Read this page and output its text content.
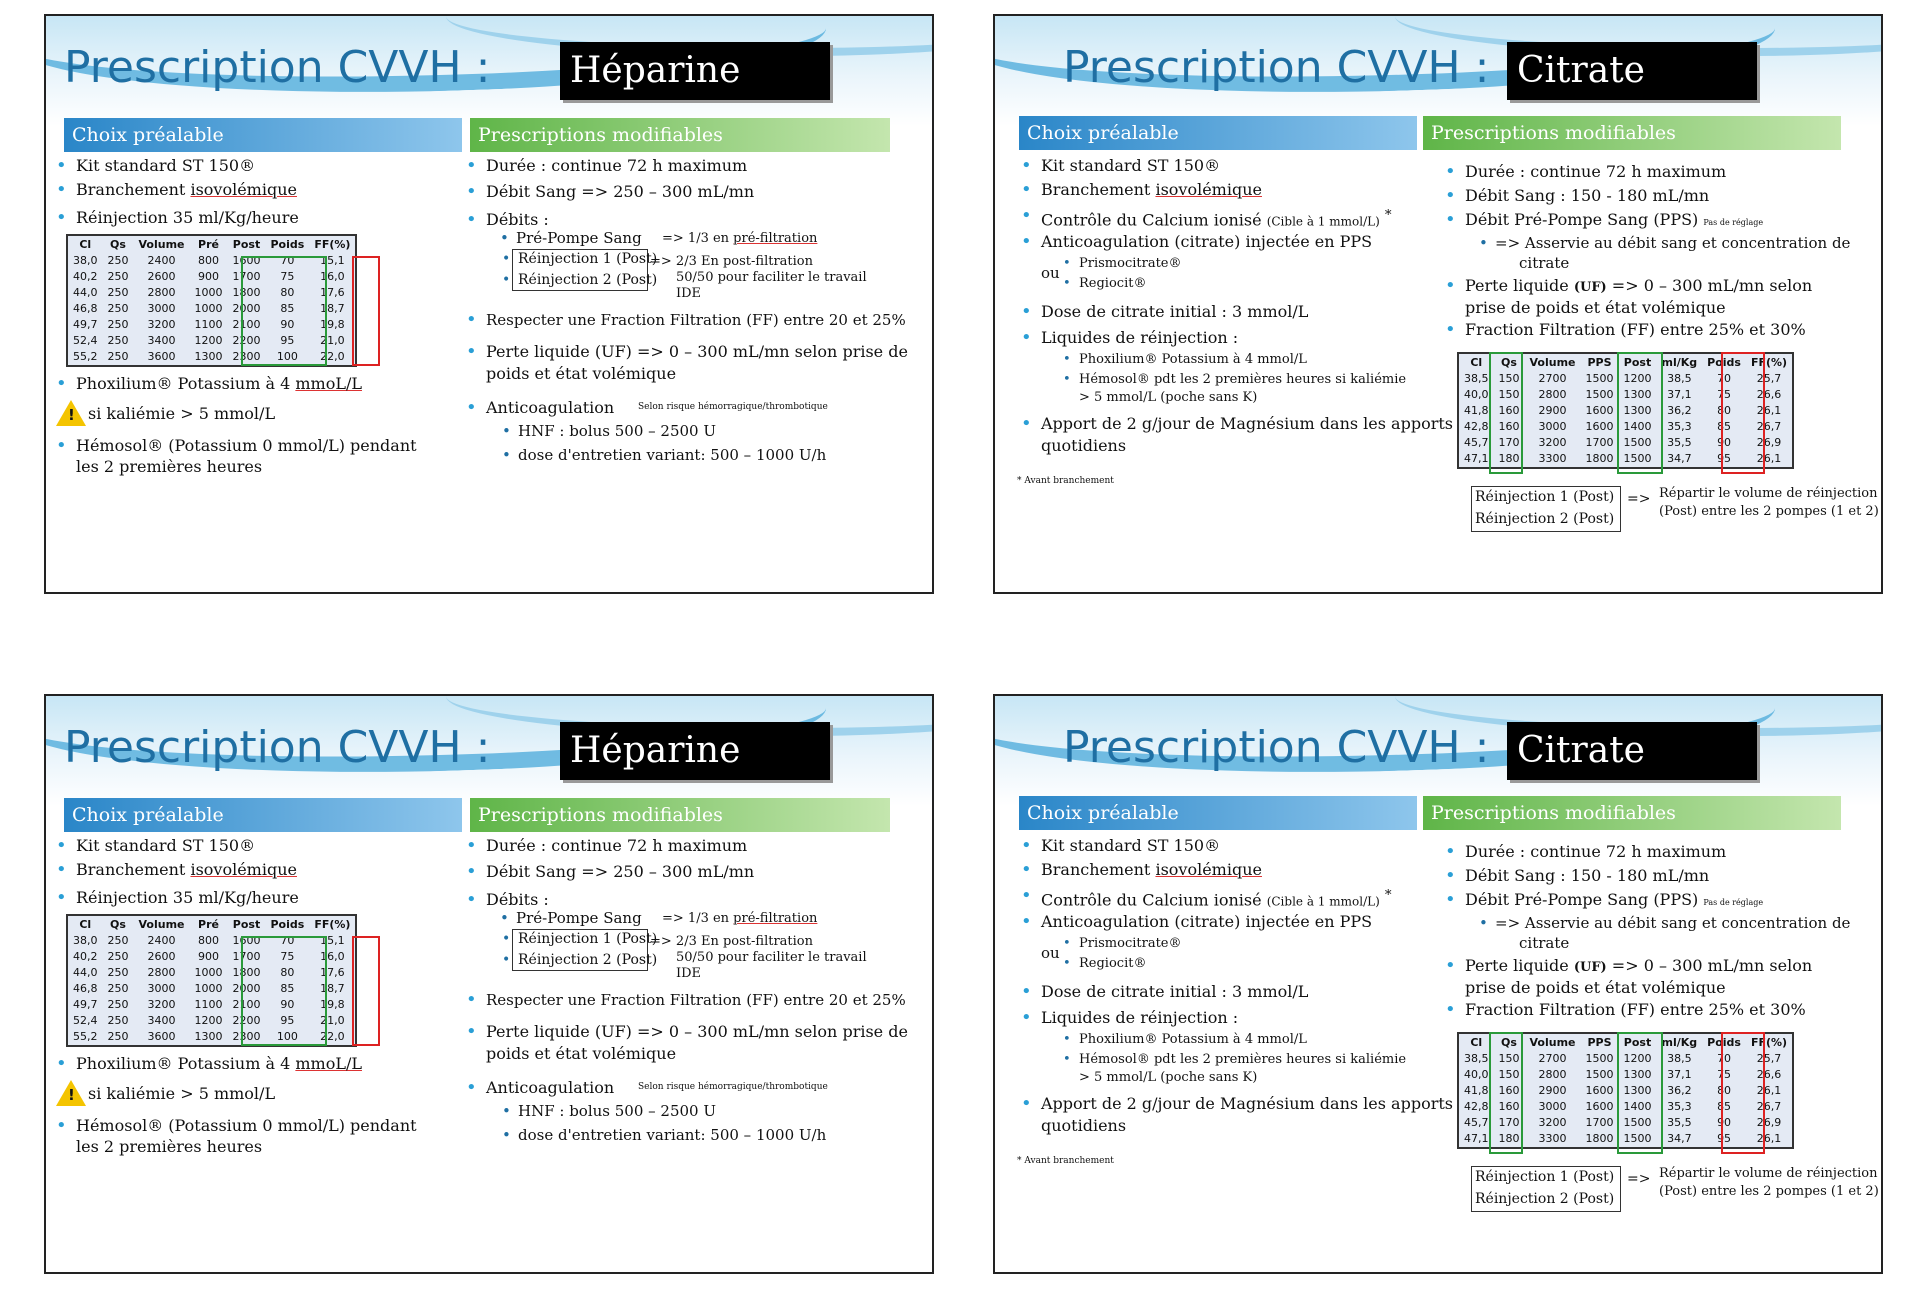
Prescription CVVH : Héparine
Choix préalable	Prescriptions modifiables
• Kit standard ST 150®
• Branchement isovolémique
• Réinjection 35 ml/Kg/heure
Cl	Qs	Volume	Pré	Post	Poids	FF(%)
38,0	250	2400	800	1600	70	15,1
40,2	250	2600	900	1700	75	16,0
44,0	250	2800	1000	1800	80	17,6
46,8	250	3000	1000	2000	85	18,7
49,7	250	3200	1100	2100	90	19,8
52,4	250	3400	1200	2200	95	21,0
55,2	250	3600	1300	2300	100	22,0
• Phoxilium® Potassium à 4 mmoL/L
! si kaliémie > 5 mmol/L
• Hémosol® (Potassium 0 mmol/L) pendant
les 2 premières heures
• Durée : continue 72 h maximum
• Débit Sang => 250 – 300 mL/mn
• Débits :
• Pré-Pompe Sang => 1/3 en pré-filtration
• Réinjection 1 (Post)
• Réinjection 2 (Post)
=> 2/3 En post-filtration
50/50 pour faciliter le travail
IDE
• Respecter une Fraction Filtration (FF) entre 20 et 25%
• Perte liquide (UF) => 0 – 300 mL/mn selon prise de
poids et état volémique
• Anticoagulation	Selon risque hémorragique/thrombotique
• HNF : bolus 500 – 2500 U
• dose d'entretien variant: 500 – 1000 U/h
Prescription CVVH : Citrate
Choix préalable	Prescriptions modifiables
• Kit standard ST 150®
• Branchement isovolémique
• Contrôle du Calcium ionisé (Cible à 1 mmol/L) *
• Anticoagulation (citrate) injectée en PPS
ou
• Prismocitrate®
• Regiocit®
• Dose de citrate initial : 3 mmol/L
• Liquides de réinjection :
• Phoxilium® Potassium à 4 mmol/L
• Hémosol® pdt les 2 premières heures si kaliémie
> 5 mmol/L (poche sans K)
• Apport de 2 g/jour de Magnésium dans les apports
quotidiens
* Avant branchement
• Durée : continue 72 h maximum
• Débit Sang : 150 - 180 mL/mn
• Débit Pré-Pompe Sang (PPS) Pas de réglage
• => Asservie au débit sang et concentration de
citrate
• Perte liquide (UF) => 0 – 300 mL/mn selon
prise de poids et état volémique
• Fraction Filtration (FF) entre 25% et 30%
Cl	Qs	Volume	PPS	Post	ml/Kg	Poids	FF(%)
38,5	150	2700	1500	1200	38,5	70	25,7
40,0	150	2800	1500	1300	37,1	75	26,6
41,8	160	2900	1600	1300	36,2	80	26,1
42,8	160	3000	1600	1400	35,3	85	26,7
45,7	170	3200	1700	1500	35,5	90	26,9
47,1	180	3300	1800	1500	34,7	95	26,1
Réinjection 1 (Post)
Réinjection 2 (Post)
=> Répartir le volume de réinjection
(Post) entre les 2 pompes (1 et 2)
Prescription CVVH : Héparine
Choix préalable	Prescriptions modifiables
• Kit standard ST 150®
• Branchement isovolémique
• Réinjection 35 ml/Kg/heure
Cl	Qs	Volume	Pré	Post	Poids	FF(%)
38,0	250	2400	800	1600	70	15,1
40,2	250	2600	900	1700	75	16,0
44,0	250	2800	1000	1800	80	17,6
46,8	250	3000	1000	2000	85	18,7
49,7	250	3200	1100	2100	90	19,8
52,4	250	3400	1200	2200	95	21,0
55,2	250	3600	1300	2300	100	22,0
• Phoxilium® Potassium à 4 mmoL/L
! si kaliémie > 5 mmol/L
• Hémosol® (Potassium 0 mmol/L) pendant
les 2 premières heures
• Durée : continue 72 h maximum
• Débit Sang => 250 – 300 mL/mn
• Débits :
• Pré-Pompe Sang => 1/3 en pré-filtration
• Réinjection 1 (Post)
• Réinjection 2 (Post)
=> 2/3 En post-filtration
50/50 pour faciliter le travail
IDE
• Respecter une Fraction Filtration (FF) entre 20 et 25%
• Perte liquide (UF) => 0 – 300 mL/mn selon prise de
poids et état volémique
• Anticoagulation	Selon risque hémorragique/thrombotique
• HNF : bolus 500 – 2500 U
• dose d'entretien variant: 500 – 1000 U/h
Prescription CVVH : Citrate
Choix préalable	Prescriptions modifiables
• Kit standard ST 150®
• Branchement isovolémique
• Contrôle du Calcium ionisé (Cible à 1 mmol/L) *
• Anticoagulation (citrate) injectée en PPS
ou
• Prismocitrate®
• Regiocit®
• Dose de citrate initial : 3 mmol/L
• Liquides de réinjection :
• Phoxilium® Potassium à 4 mmol/L
• Hémosol® pdt les 2 premières heures si kaliémie
> 5 mmol/L (poche sans K)
• Apport de 2 g/jour de Magnésium dans les apports
quotidiens
* Avant branchement
• Durée : continue 72 h maximum
• Débit Sang : 150 - 180 mL/mn
• Débit Pré-Pompe Sang (PPS) Pas de réglage
• => Asservie au débit sang et concentration de
citrate
• Perte liquide (UF) => 0 – 300 mL/mn selon
prise de poids et état volémique
• Fraction Filtration (FF) entre 25% et 30%
Cl	Qs	Volume	PPS	Post	ml/Kg	Poids	FF(%)
38,5	150	2700	1500	1200	38,5	70	25,7
40,0	150	2800	1500	1300	37,1	75	26,6
41,8	160	2900	1600	1300	36,2	80	26,1
42,8	160	3000	1600	1400	35,3	85	26,7
45,7	170	3200	1700	1500	35,5	90	26,9
47,1	180	3300	1800	1500	34,7	95	26,1
Réinjection 1 (Post)
Réinjection 2 (Post)
=> Répartir le volume de réinjection
(Post) entre les 2 pompes (1 et 2)
